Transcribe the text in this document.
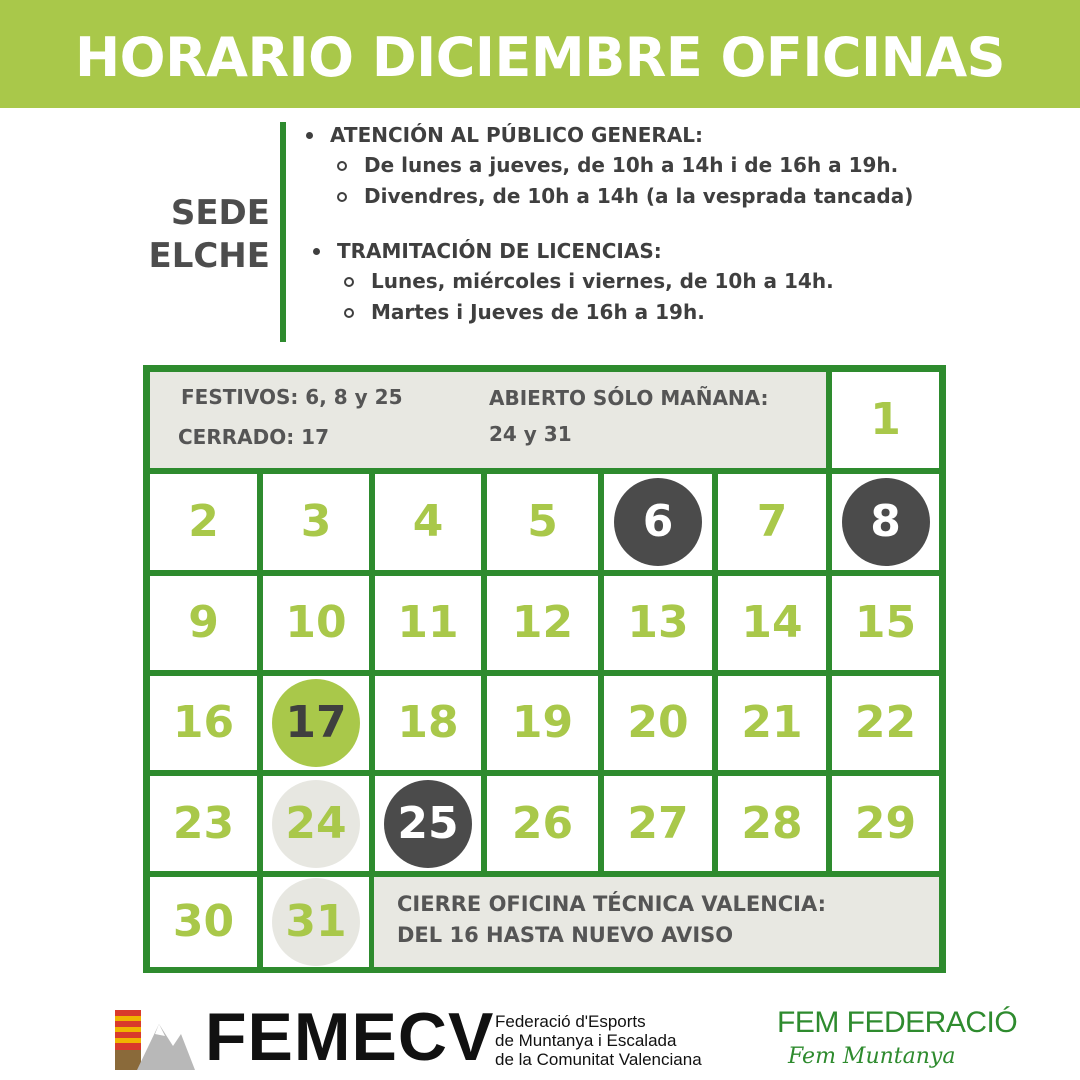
HORARIO DICIEMBRE OFICINAS
SEDE
ELCHE
ATENCIÓN AL PÚBLICO GENERAL:
De lunes a jueves, de 10h a 14h i de 16h a 19h.
Divendres, de 10h a 14h (a la vesprada tancada)
TRAMITACIÓN DE LICENCIAS:
Lunes, miércoles i viernes, de 10h a 14h.
Martes i Jueves de 16h a 19h.
FESTIVOS: 6, 8 y 25
CERRADO: 17
ABIERTO SÓLO MAÑANA:
24 y 31
CIERRE OFICINA TÉCNICA VALENCIA:
DEL 16 HASTA NUEVO AVISO
1
2 3 4 5 6 7 8
9 10 11 12 13 14 15
16 17 18 19 20 21 22
23 24 25 26 27 28 29
30 31
FEMECV Federació d'Esports
de Muntanya i Escalada
de la Comunitat Valenciana
FEM FEDERACIÓ
Fem Muntanya
